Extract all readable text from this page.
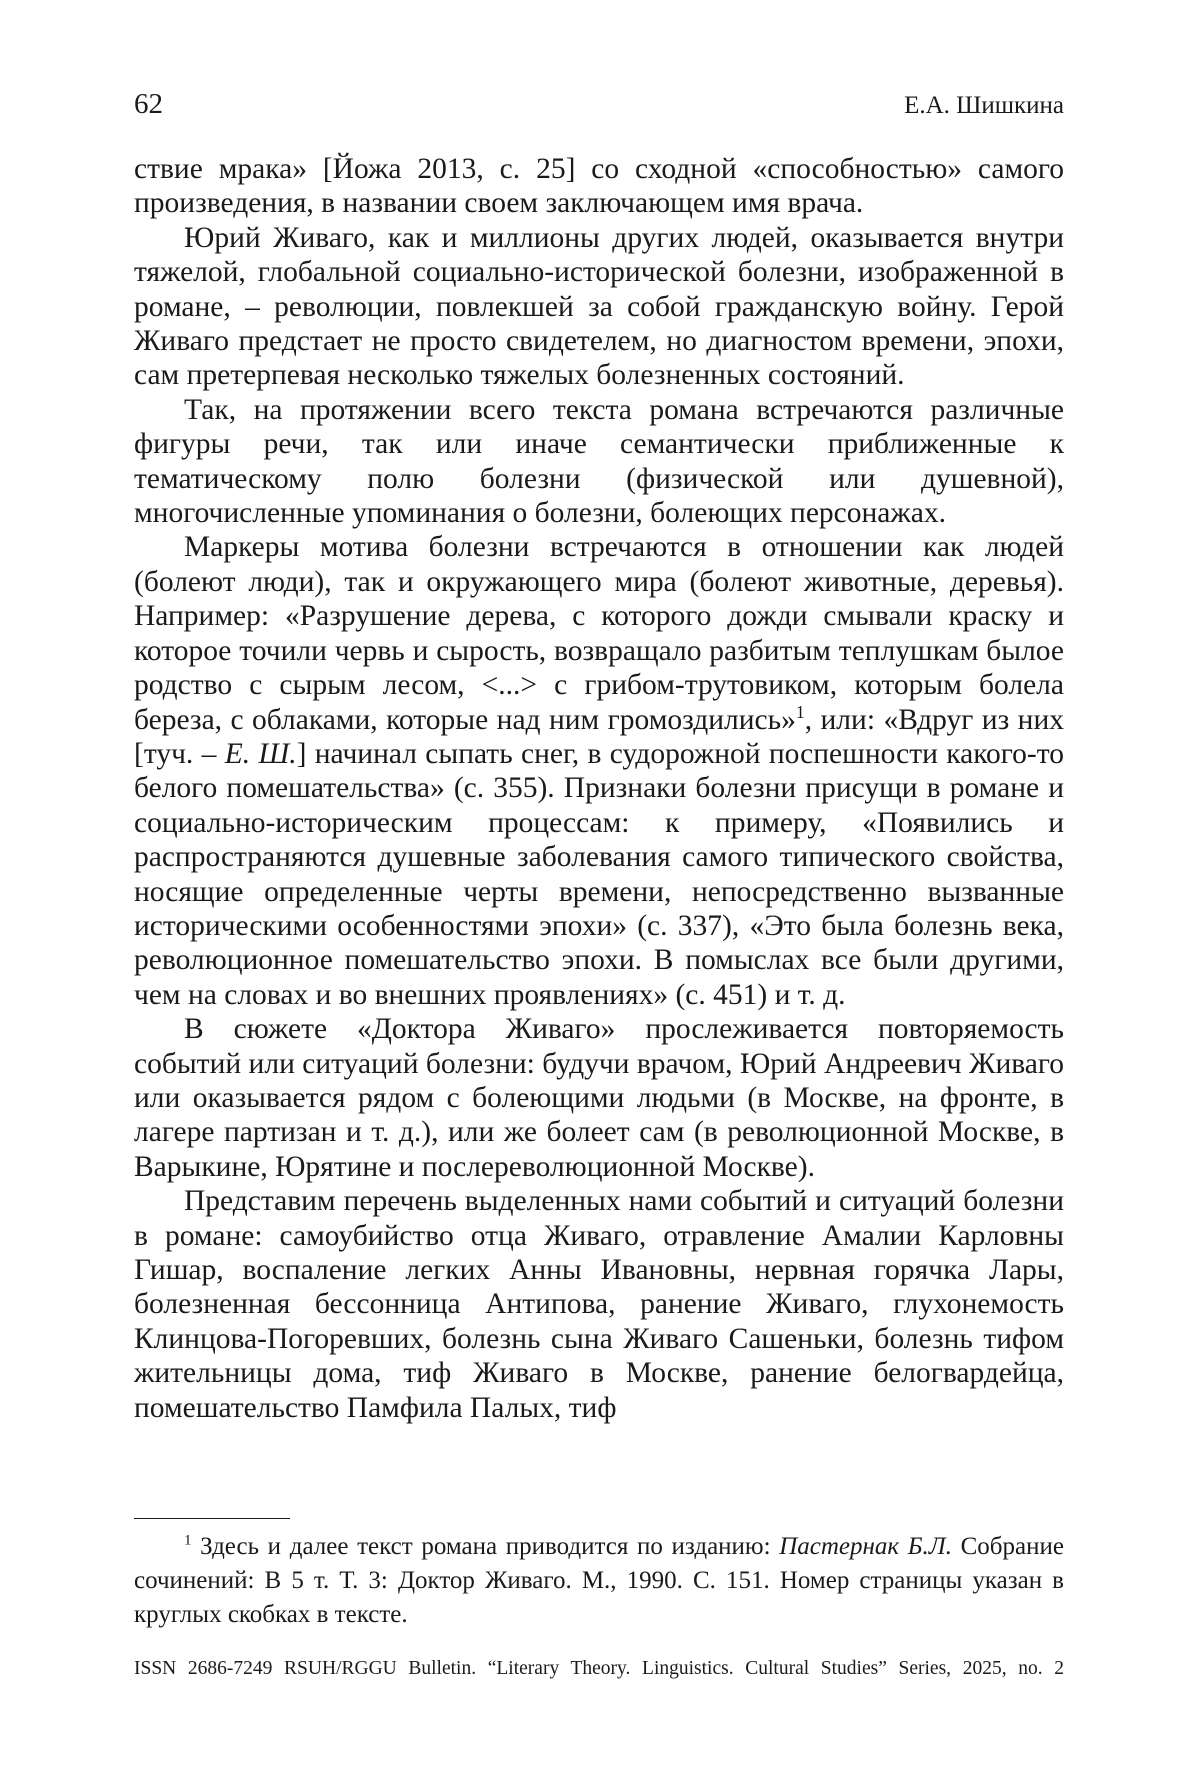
62	Е.А. Шишкина

ствие мрака» [Йожа 2013, с. 25] со сходной «способностью» самого произведения, в названии своем заключающем имя врача.

Юрий Живаго, как и миллионы других людей, оказывается внутри тяжелой, глобальной социально-исторической болезни, изображенной в романе, – революции, повлекшей за собой гражданскую войну. Герой Живаго предстает не просто свидетелем, но диагностом времени, эпохи, сам претерпевая несколько тяжелых болезненных состояний.

Так, на протяжении всего текста романа встречаются различные фигуры речи, так или иначе семантически приближенные к тематическому полю болезни (физической или душевной), многочисленные упоминания о болезни, болеющих персонажах.

Маркеры мотива болезни встречаются в отношении как людей (болеют люди), так и окружающего мира (болеют животные, деревья). Например: «Разрушение дерева, с которого дожди смывали краску и которое точили червь и сырость, возвращало разбитым теплушкам былое родство с сырым лесом, <...> с грибом-трутовиком, которым болела береза, с облаками, которые над ним громоздились»1, или: «Вдруг из них [туч. – Е. Ш.] начинал сыпать снег, в судорожной поспешности какого-то белого помешательства» (с. 355). Признаки болезни присущи в романе и социально-историческим процессам: к примеру, «Появились и распространяются душевные заболевания самого типического свойства, носящие определенные черты времени, непосредственно вызванные историческими особенностями эпохи» (с. 337), «Это была болезнь века, революционное помешательство эпохи. В помыслах все были другими, чем на словах и во внешних проявлениях» (с. 451) и т. д.

В сюжете «Доктора Живаго» прослеживается повторяемость событий или ситуаций болезни: будучи врачом, Юрий Андреевич Живаго или оказывается рядом с болеющими людьми (в Москве, на фронте, в лагере партизан и т. д.), или же болеет сам (в революционной Москве, в Варыкине, Юрятине и послереволюционной Москве).

Представим перечень выделенных нами событий и ситуаций болезни в романе: самоубийство отца Живаго, отравление Амалии Карловны Гишар, воспаление легких Анны Ивановны, нервная горячка Лары, болезненная бессонница Антипова, ранение Живаго, глухонемость Клинцова-Погоревших, болезнь сына Живаго Сашеньки, болезнь тифом жительницы дома, тиф Живаго в Москве, ранение белогвардейца, помешательство Памфила Палых, тиф

1 Здесь и далее текст романа приводится по изданию: Пастернак Б.Л. Собрание сочинений: В 5 т. Т. 3: Доктор Живаго. М., 1990. С. 151. Номер страницы указан в круглых скобках в тексте.
ISSN 2686-7249 RSUH/RGGU Bulletin. “Literary Theory. Linguistics. Cultural Studies” Series, 2025, no. 2
